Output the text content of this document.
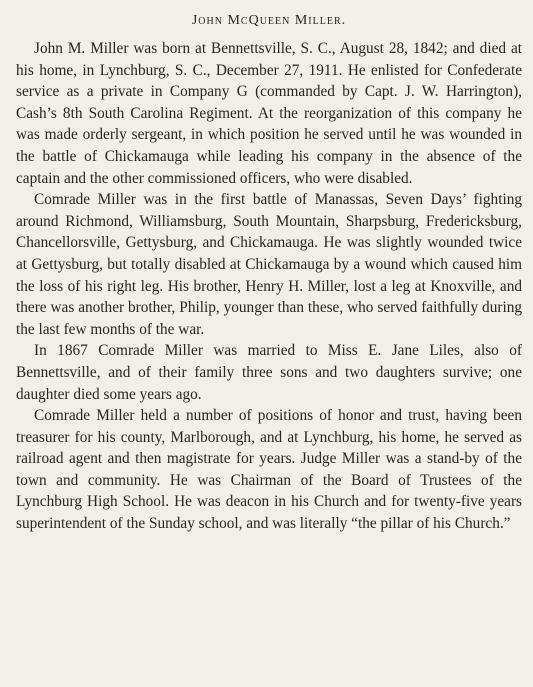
John McQueen Miller.

John M. Miller was born at Bennettsville, S. C., August 28, 1842; and died at his home, in Lynchburg, S. C., December 27, 1911. He enlisted for Confederate service as a private in Company G (commanded by Capt. J. W. Harrington), Cash’s 8th South Carolina Regiment. At the reorganization of this company he was made orderly sergeant, in which position he served until he was wounded in the battle of Chickamauga while leading his company in the absence of the captain and the other commissioned officers, who were disabled.

Comrade Miller was in the first battle of Manassas, Seven Days’ fighting around Richmond, Williamsburg, South Mountain, Sharpsburg, Fredericksburg, Chancellorsville, Gettysburg, and Chickamauga. He was slightly wounded twice at Gettysburg, but totally disabled at Chickamauga by a wound which caused him the loss of his right leg. His brother, Henry H. Miller, lost a leg at Knoxville, and there was another brother, Philip, younger than these, who served faithfully during the last few months of the war.

In 1867 Comrade Miller was married to Miss E. Jane Liles, also of Bennettsville, and of their family three sons and two daughters survive; one daughter died some years ago.

Comrade Miller held a number of positions of honor and trust, having been treasurer for his county, Marlborough, and at Lynchburg, his home, he served as railroad agent and then magistrate for years. Judge Miller was a stand-by of the town and community. He was Chairman of the Board of Trustees of the Lynchburg High School. He was deacon in his Church and for twenty-five years superintendent of the Sunday school, and was literally “the pillar of his Church.”
